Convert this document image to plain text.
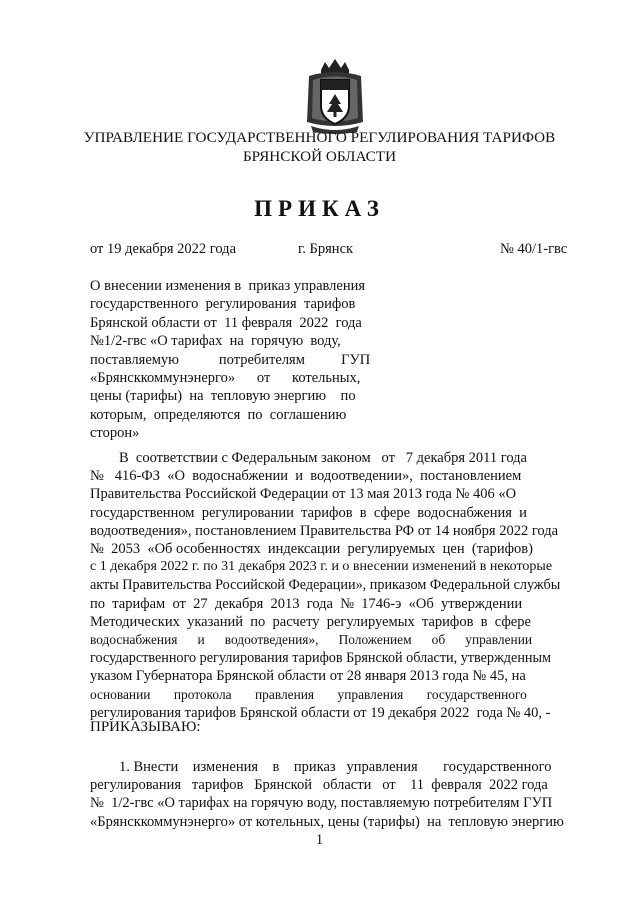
УПРАВЛЕНИЕ ГОСУДАРСТВЕННОГО РЕГУЛИРОВАНИЯ ТАРИФОВ
БРЯНСКОЙ ОБЛАСТИ
ПРИКАЗ
от 19 декабря 2022 года	г. Брянск	№ 40/1-гвс
О внесении изменения в  приказ управления
государственного  регулирования  тарифов
Брянской области от  11 февраля  2022  года
№1/2-гвс «О тарифах  на  горячую  воду,
поставляемую           потребителям          ГУП
«Брянсккоммунэнерго»      от      котельных,
цены (тарифы)  на  тепловую энергию    по
которым,  определяются  по  соглашению
сторон»
В  соответствии с Федеральным законом   от   7 декабря 2011 года
№   416-ФЗ  «О  водоснабжении  и  водоотведении»,  постановлением
Правительства Российской Федерации от 13 мая 2013 года № 406 «О
государственном  регулировании  тарифов  в  сфере  водоснабжения  и
водоотведения», постановлением Правительства РФ от 14 ноября 2022 года
№  2053  «Об особенностях  индексации  регулируемых  цен  (тарифов)
с 1 декабря 2022 г. по 31 декабря 2023 г. и о внесении изменений в некоторые
акты Правительства Российской Федерации», приказом Федеральной службы
по  тарифам  от  27  декабря  2013  года  №  1746-э  «Об  утверждении
Методических  указаний  по  расчету  регулируемых  тарифов  в  сфере
водоснабжения      и      водоотведения»,      Положением      об      управлении
государственного регулирования тарифов Брянской области, утвержденным
указом Губернатора Брянской области от 28 января 2013 года № 45, на
основании       протокола       правления       управления       государственного
регулирования тарифов Брянской области от 19 декабря 2022  года № 40, -
ПРИКАЗЫВАЮ:
1. Внести    изменения    в    приказ   управления       государственного
регулирования   тарифов   Брянской   области   от    11  февраля  2022 года
№  1/2-гвс «О тарифах на горячую воду, поставляемую потребителям ГУП
«Брянсккоммунэнерго» от котельных, цены (тарифы)  на  тепловую энергию
1
